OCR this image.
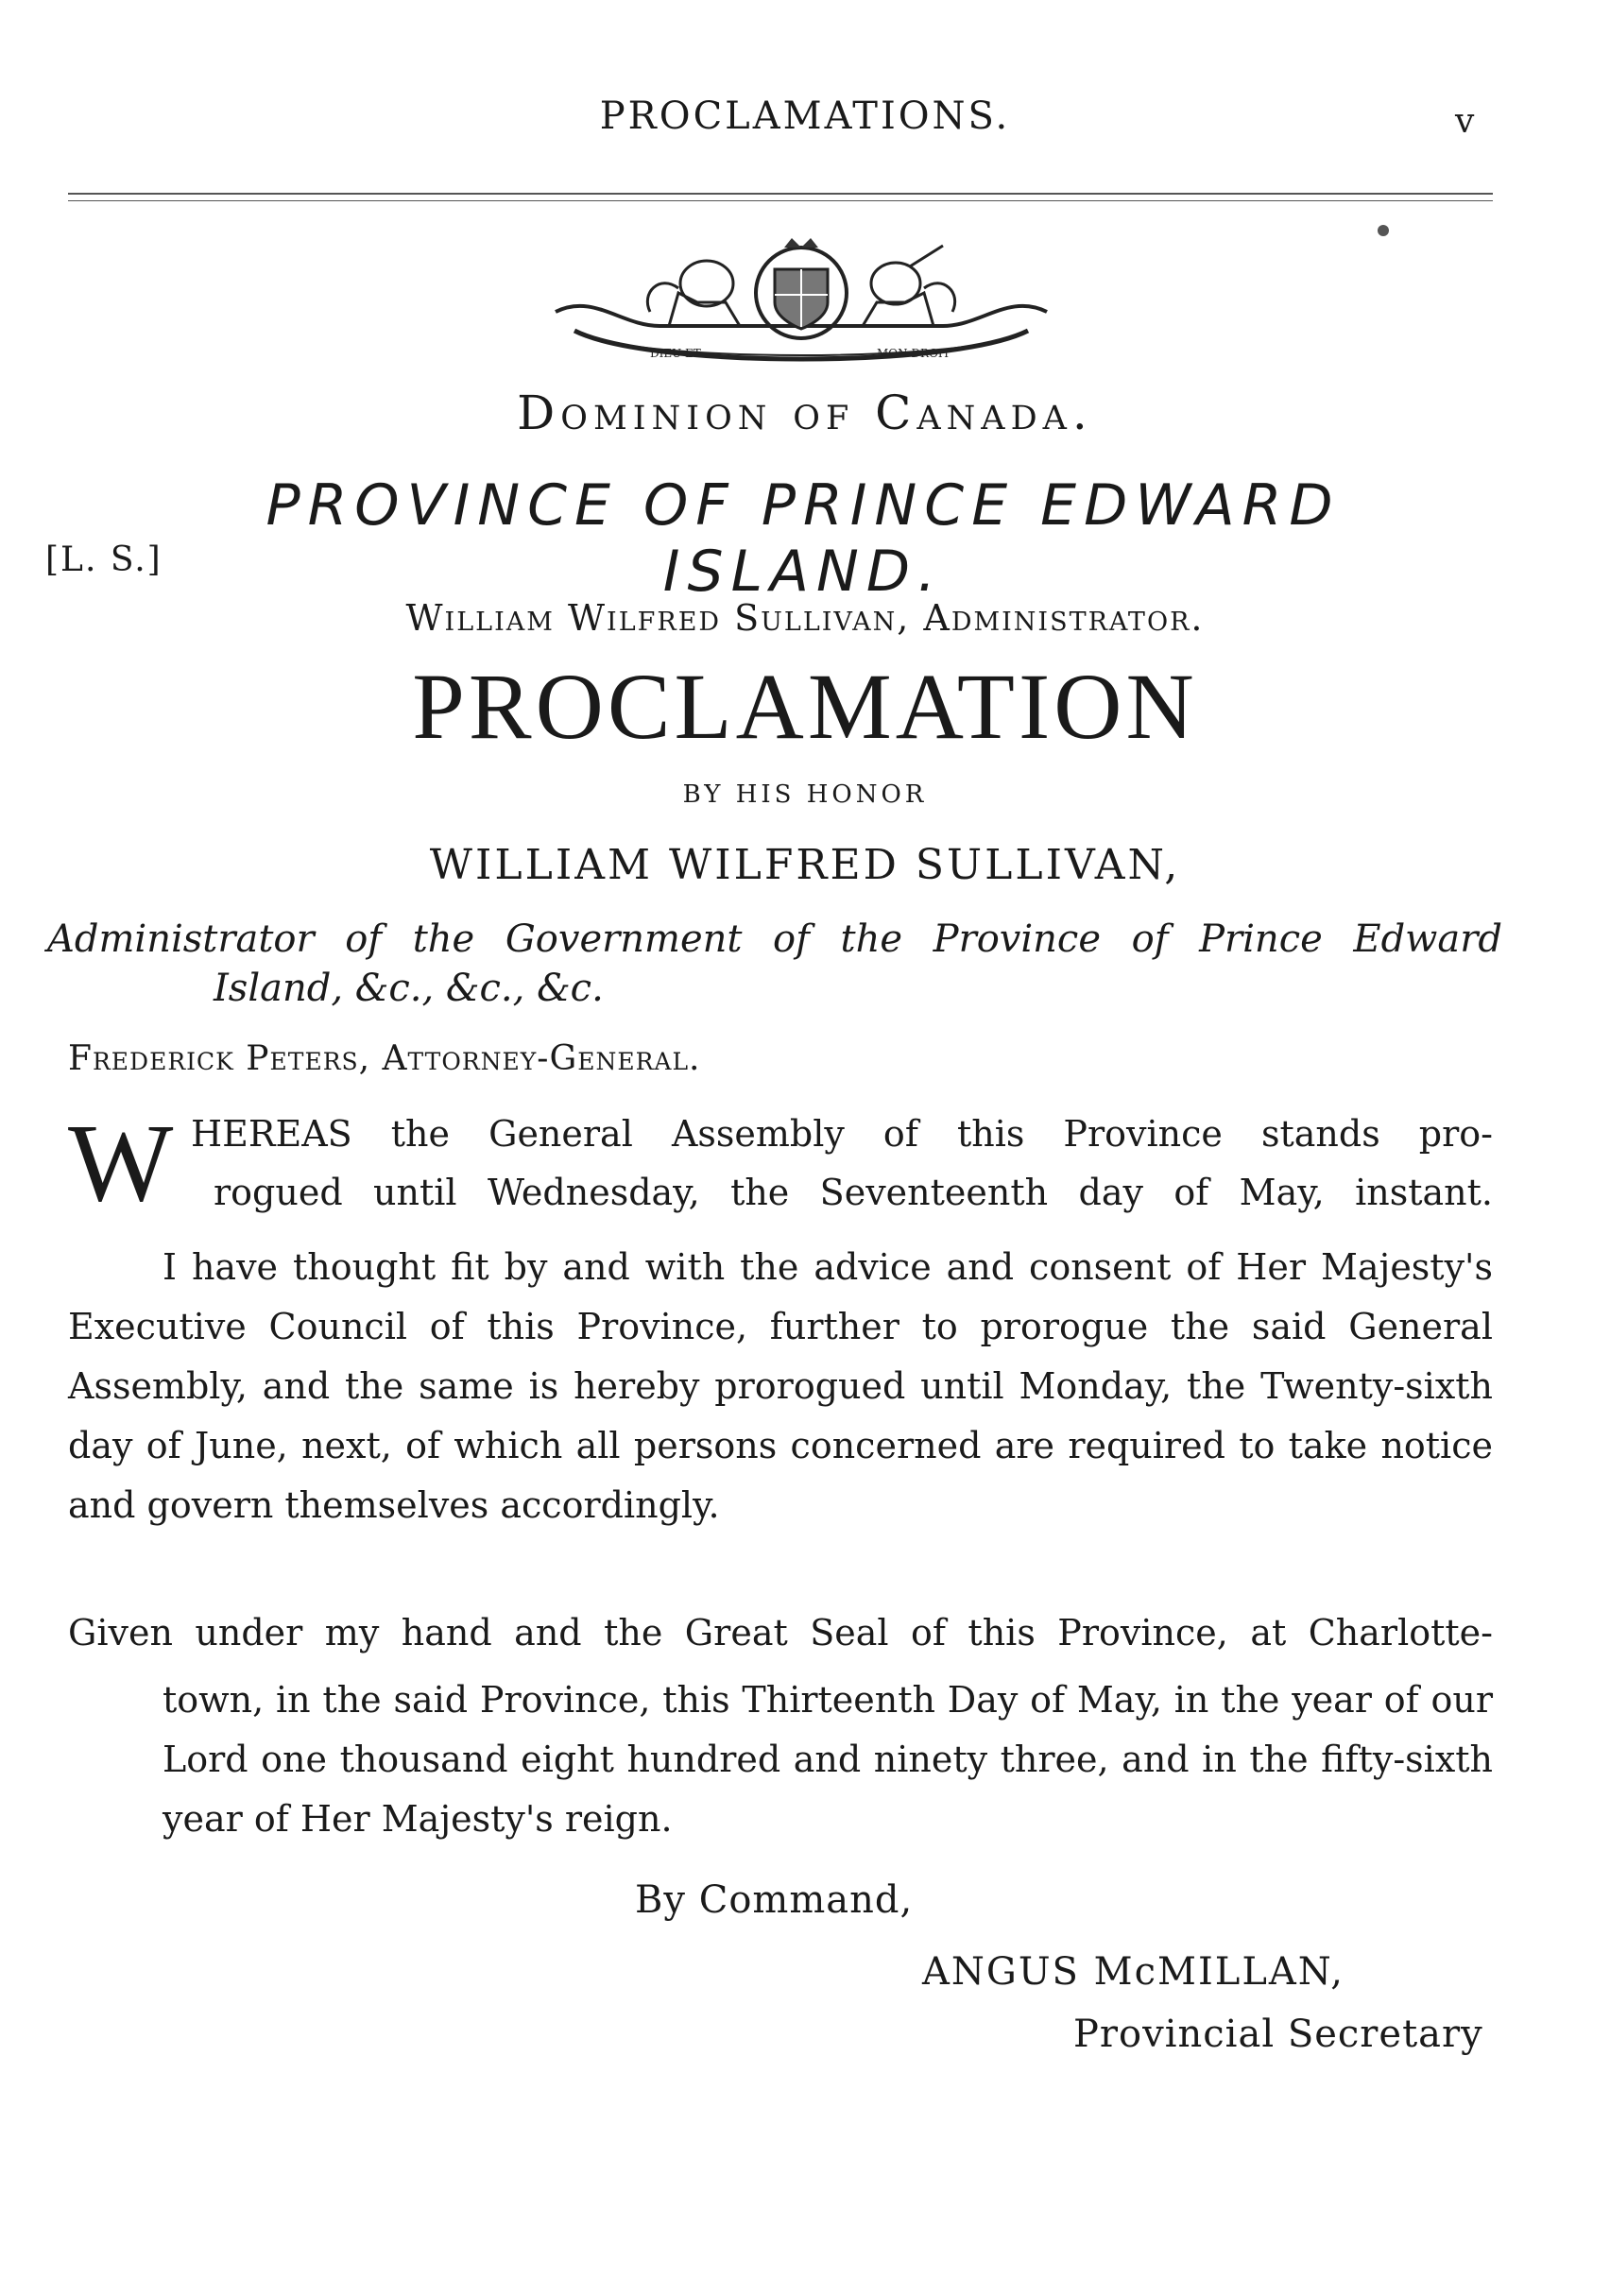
PROCLAMATIONS.	v
DIEU ET	MON DROIT
Dominion of Canada.
PROVINCE OF PRINCE EDWARD ISLAND.
[L. S.]
William Wilfred Sullivan, Administrator.
PROCLAMATION
BY HIS HONOR
WILLIAM WILFRED SULLIVAN,
Administrator of the Government of the Province of Prince Edward
Island, &c., &c., &c.
Frederick Peters, Attorney-General.
W HEREAS the General Assembly of this Province stands pro-
rogued until Wednesday, the Seventeenth day of May, instant.
I have thought fit by and with the advice and consent of Her Majesty's Executive Council of this Province, further to prorogue the said General Assembly, and the same is hereby prorogued until Monday, the Twenty-sixth day of June, next, of which all persons concerned are required to take notice and govern themselves accordingly.
Given under my hand and the Great Seal of this Province, at Charlotte-
town, in the said Province, this Thirteenth Day of May, in the year of our Lord one thousand eight hundred and ninety three, and in the fifty-sixth year of Her Majesty's reign.
By Command,
ANGUS McMILLAN,
Provincial Secretary
